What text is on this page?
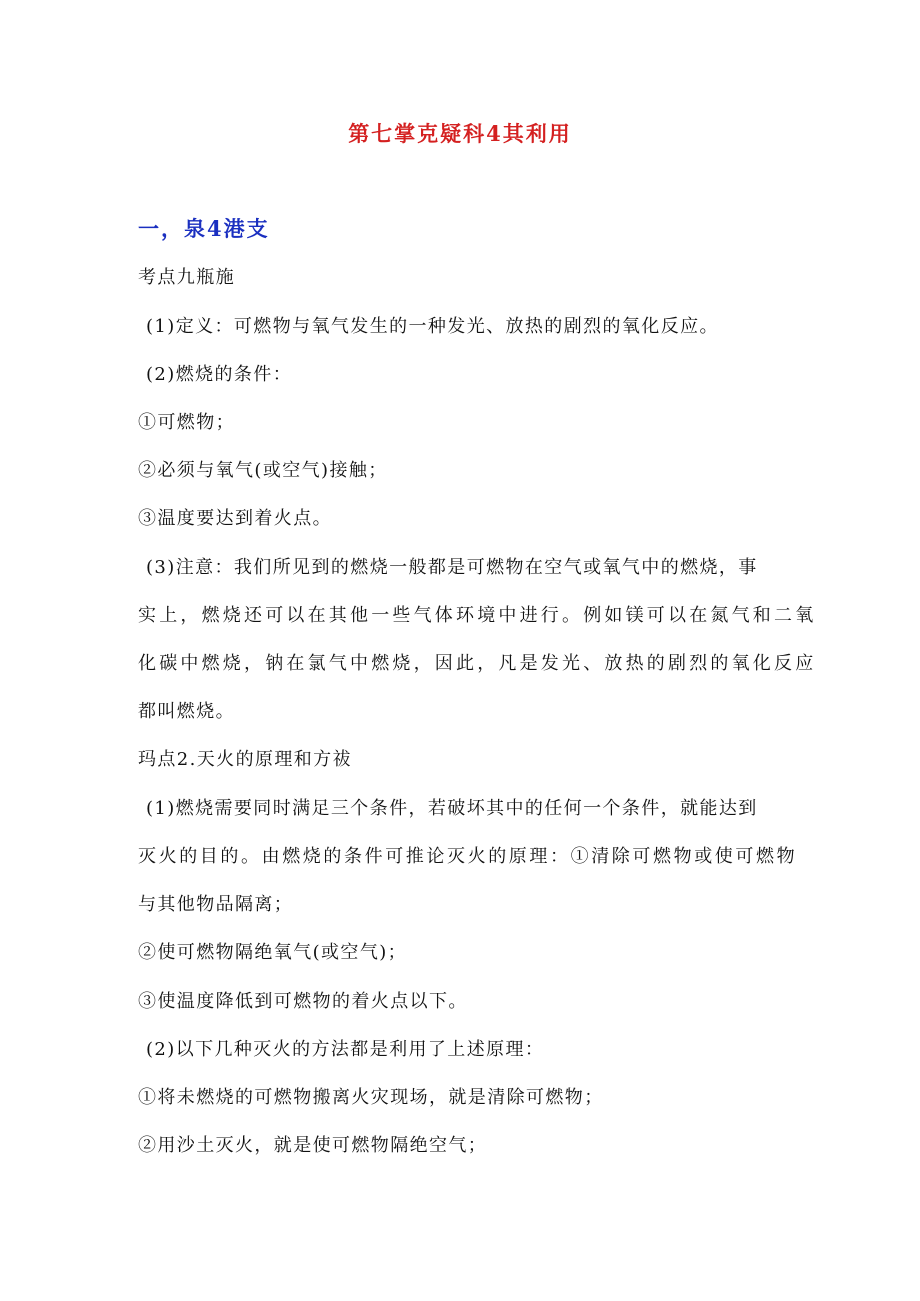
第七掌克疑科4其利用
一，泉4港支
考点九瓶施
(1)定义：可燃物与氧气发生的一种发光、放热的剧烈的氧化反应。
(2)燃烧的条件：
①可燃物；
②必须与氧气(或空气)接触；
③温度要达到着火点。
(3)注意：我们所见到的燃烧一般都是可燃物在空气或氧气中的燃烧，事
实上，燃烧还可以在其他一些气体环境中进行。例如镁可以在氮气和二氧
化碳中燃烧，钠在氯气中燃烧，因此，凡是发光、放热的剧烈的氧化反应
都叫燃烧。
玛点2.天火的原理和方祓
(1)燃烧需要同时满足三个条件，若破坏其中的任何一个条件，就能达到
灭火的目的。由燃烧的条件可推论灭火的原理：①清除可燃物或使可燃物
与其他物品隔离；
②使可燃物隔绝氧气(或空气)；
③使温度降低到可燃物的着火点以下。
(2)以下几种灭火的方法都是利用了上述原理：
①将未燃烧的可燃物搬离火灾现场，就是清除可燃物；
②用沙土灭火，就是使可燃物隔绝空气；
